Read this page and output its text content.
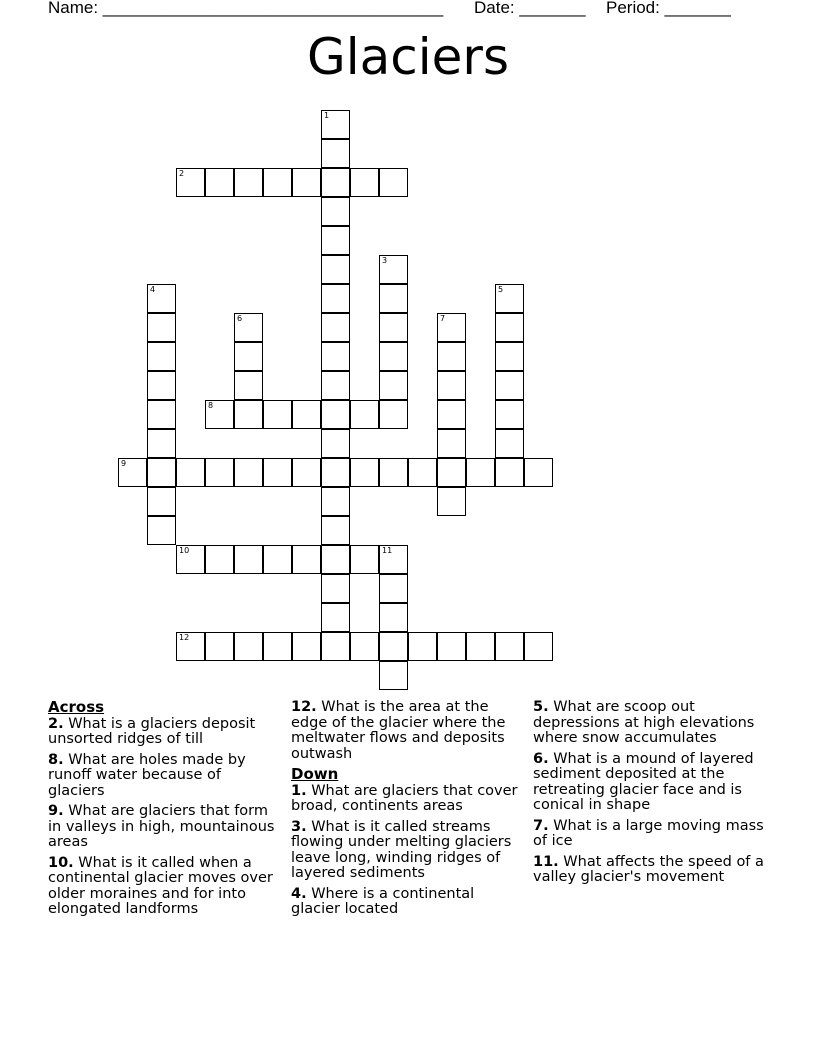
Name: ____________________________________ Date: _______ Period: _______
Glaciers
1
2
3
4	5
6	7
8
9
10	11
12
Across
2. What is a glaciers deposit unsorted ridges of till
8. What are holes made by runoff water because of glaciers
9. What are glaciers that form in valleys in high, mountainous areas
10. What is it called when a continental glacier moves over older moraines and for into elongated landforms
12. What is the area at the edge of the glacier where the meltwater flows and deposits outwash
Down
1. What are glaciers that cover broad, continents areas
3. What is it called streams flowing under melting glaciers leave long, winding ridges of layered sediments
4. Where is a continental glacier located
5. What are scoop out depressions at high elevations where snow accumulates
6. What is a mound of layered sediment deposited at the retreating glacier face and is conical in shape
7. What is a large moving mass of ice
11. What affects the speed of a valley glacier's movement
